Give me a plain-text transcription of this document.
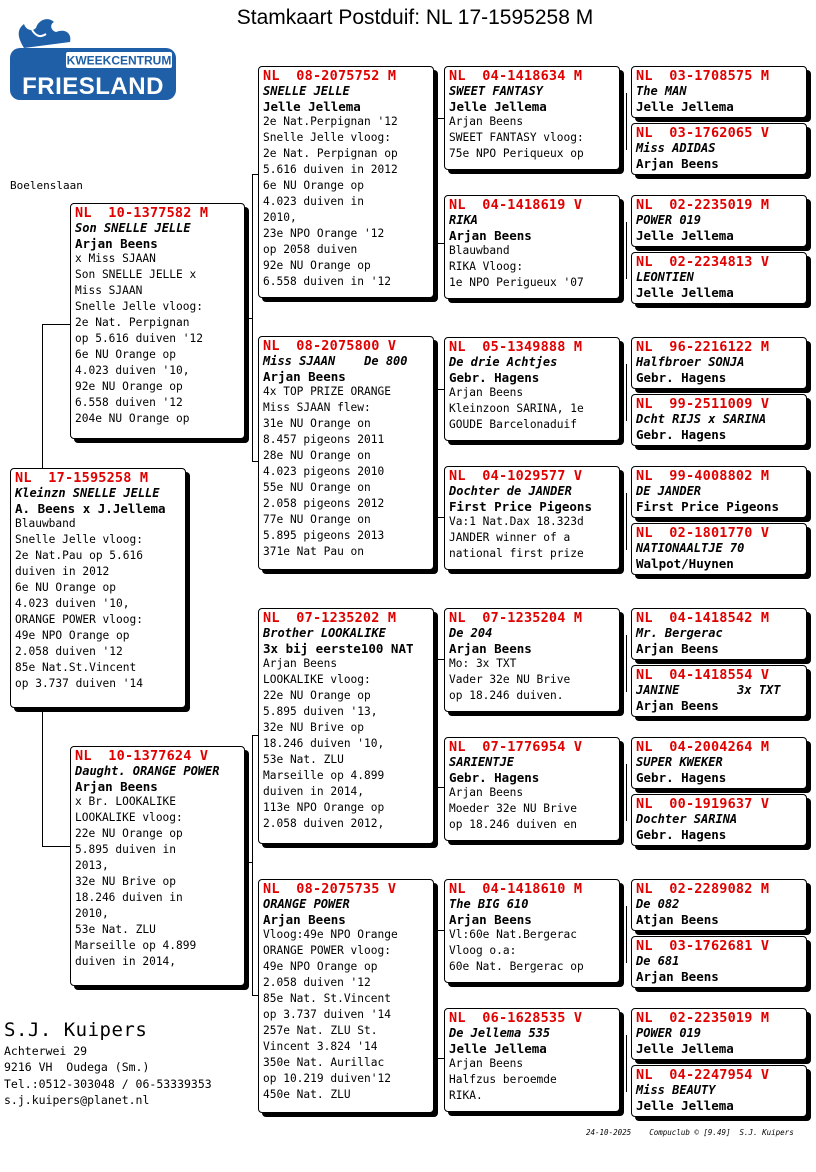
Stamkaart Postduif: NL 17-1595258 M
KWEEKCENTRUM
FRIESLAND
Boelenslaan
NL  17-1595258 M
Kleinzn SNELLE JELLE
A. Beens x J.Jellema
Blauwband
Snelle Jelle vloog:
2e Nat.Pau op 5.616
duiven in 2012
6e NU Orange op
4.023 duiven '10,
ORANGE POWER vloog:
49e NPO Orange op
2.058 duiven '12
85e Nat.St.Vincent
op 3.737 duiven '14
NL  10-1377582 M
Son SNELLE JELLE
Arjan Beens
x Miss SJAAN
Son SNELLE JELLE x
Miss SJAAN
Snelle Jelle vloog:
2e Nat. Perpignan
op 5.616 duiven '12
6e NU Orange op
4.023 duiven '10,
92e NU Orange op
6.558 duiven '12
204e NU Orange op
NL  10-1377624 V
Daught. ORANGE POWER
Arjan Beens
x Br. LOOKALIKE
LOOKALIKE vloog:
22e NU Orange op
5.895 duiven in
2013,
32e NU Brive op
18.246 duiven in
2010,
53e Nat. ZLU
Marseille op 4.899
duiven in 2014,
NL  08-2075752 M
SNELLE JELLE
Jelle Jellema
2e Nat.Perpignan '12
Snelle Jelle vloog:
2e Nat. Perpignan op
5.616 duiven in 2012
6e NU Orange op
4.023 duiven in
2010,
23e NPO Orange '12
op 2058 duiven
92e NU Orange op
6.558 duiven in '12
NL  08-2075800 V
Miss SJAAN    De 800
Arjan Beens
4x TOP PRIZE ORANGE
Miss SJAAN flew:
31e NU Orange on
8.457 pigeons 2011
28e NU Orange on
4.023 pigeons 2010
55e NU Orange on
2.058 pigeons 2012
77e NU Orange on
5.895 pigeons 2013
371e Nat Pau on
NL  07-1235202 M
Brother LOOKALIKE
3x bij eerste100 NAT
Arjan Beens
LOOKALIKE vloog:
22e NU Orange op
5.895 duiven '13,
32e NU Brive op
18.246 duiven '10,
53e Nat. ZLU
Marseille op 4.899
duiven in 2014,
113e NPO Orange op
2.058 duiven 2012,
NL  08-2075735 V
ORANGE POWER
Arjan Beens
Vloog:49e NPO Orange
ORANGE POWER vloog:
49e NPO Orange op
2.058 duiven '12
85e Nat. St.Vincent
op 3.737 duiven '14
257e Nat. ZLU St.
Vincent 3.824 '14
350e Nat. Aurillac
op 10.219 duiven'12
450e Nat. ZLU
NL  04-1418634 M
SWEET FANTASY
Jelle Jellema
Arjan Beens
SWEET FANTASY vloog:
75e NPO Periqueux op
NL  04-1418619 V
RIKA
Arjan Beens
Blauwband
RIKA Vloog:
1e NPO Perigueux '07
NL  05-1349888 M
De drie Achtjes
Gebr. Hagens
Arjan Beens
Kleinzoon SARINA, 1e
GOUDE Barcelonaduif
NL  04-1029577 V
Dochter de JANDER
First Price Pigeons
Va:1 Nat.Dax 18.323d
JANDER winner of a
national first prize
NL  07-1235204 M
De 204
Arjan Beens
Mo: 3x TXT
Vader 32e NU Brive
op 18.246 duiven.
NL  07-1776954 V
SARIENTJE
Gebr. Hagens
Arjan Beens
Moeder 32e NU Brive
op 18.246 duiven en
NL  04-1418610 M
The BIG 610
Arjan Beens
Vl:60e Nat.Bergerac
Vloog o.a:
60e Nat. Bergerac op
NL  06-1628535 V
De Jellema 535
Jelle Jellema
Arjan Beens
Halfzus beroemde
RIKA.
NL  03-1708575 M
The MAN
Jelle Jellema
NL  03-1762065 V
Miss ADIDAS
Arjan Beens
NL  02-2235019 M
POWER 019
Jelle Jellema
NL  02-2234813 V
LEONTIEN
Jelle Jellema
NL  96-2216122 M
Halfbroer SONJA
Gebr. Hagens
NL  99-2511009 V
Dcht RIJS x SARINA
Gebr. Hagens
NL  99-4008802 M
DE JANDER
First Price Pigeons
NL  02-1801770 V
NATIONAALTJE 70
Walpot/Huynen
NL  04-1418542 M
Mr. Bergerac
Arjan Beens
NL  04-1418554 V
JANINE        3x TXT
Arjan Beens
NL  04-2004264 M
SUPER KWEKER
Gebr. Hagens
NL  00-1919637 V
Dochter SARINA
Gebr. Hagens
NL  02-2289082 M
De 082
Atjan Beens
NL  03-1762681 V
De 681
Arjan Beens
NL  02-2235019 M
POWER 019
Jelle Jellema
NL  04-2247954 V
Miss BEAUTY
Jelle Jellema
S.J. Kuipers
Achterwei 29
9216 VH  Oudega (Sm.)
Tel.:0512-303048 / 06-53339353
s.j.kuipers@planet.nl
24-10-2025    Compuclub © [9.49]  S.J. Kuipers
